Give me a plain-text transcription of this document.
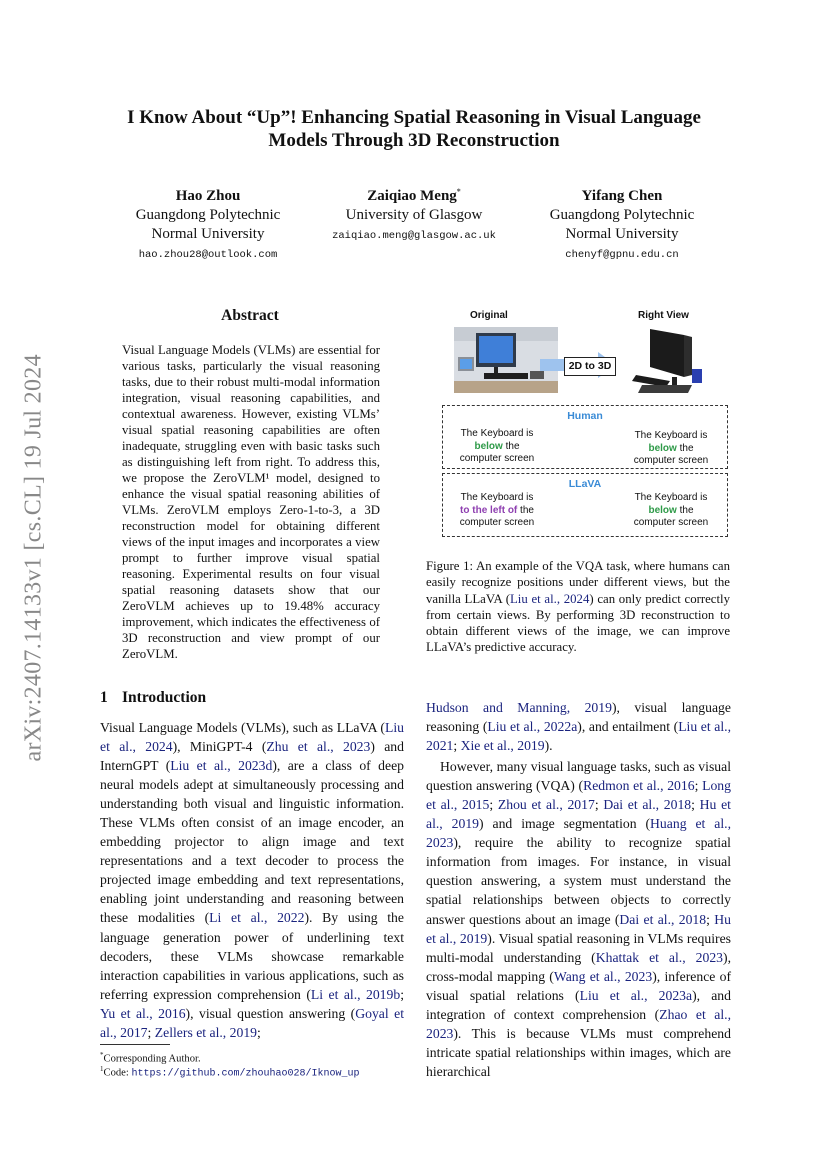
arXiv:2407.14133v1 [cs.CL] 19 Jul 2024
I Know About “Up”! Enhancing Spatial Reasoning in Visual Language
Models Through 3D Reconstruction
Hao Zhou
Guangdong Polytechnic
Normal University
hao.zhou28@outlook.com
Zaiqiao Meng*
University of Glasgow
zaiqiao.meng@glasgow.ac.uk
Yifang Chen
Guangdong Polytechnic
Normal University
chenyf@gpnu.edu.cn
Abstract
Visual Language Models (VLMs) are essential for various tasks, particularly the visual reasoning tasks, due to their robust multi-modal information integration, visual reasoning capabilities, and contextual awareness. However, existing VLMs’ visual spatial reasoning capabilities are often inadequate, struggling even with basic tasks such as distinguishing left from right. To address this, we propose the ZeroVLM¹ model, designed to enhance the visual spatial reasoning abilities of VLMs. ZeroVLM employs Zero-1-to-3, a 3D reconstruction model for obtaining different views of the input images and incorporates a view prompt to further improve visual spatial reasoning. Experimental results on four visual spatial reasoning datasets show that our ZeroVLM achieves up to 19.48% accuracy improvement, which indicates the effectiveness of 3D reconstruction and view prompt of our ZeroVLM.
1 Introduction
Visual Language Models (VLMs), such as LLaVA (Liu et al., 2024), MiniGPT-4 (Zhu et al., 2023) and InternGPT (Liu et al., 2023d), are a class of deep neural models adept at simultaneously processing and understanding both visual and linguistic information. These VLMs often consist of an image encoder, an embedding projector to align image and text representations and a text decoder to process the projected image embedding and text representations, enabling joint understanding and reasoning between these modalities (Li et al., 2022). By using the language generation power of underlining text decoders, these VLMs showcase remarkable interaction capabilities in various applications, such as referring expression comprehension (Li et al., 2019b; Yu et al., 2016), visual question answering (Goyal et al., 2017; Zellers et al., 2019;

Hudson and Manning, 2019), visual language reasoning (Liu et al., 2022a), and entailment (Liu et al., 2021; Xie et al., 2019).

However, many visual language tasks, such as visual question answering (VQA) (Redmon et al., 2016; Long et al., 2015; Zhou et al., 2017; Dai et al., 2018; Hu et al., 2019) and image segmentation (Huang et al., 2023), require the ability to recognize spatial information from images. For instance, in visual question answering, a system must understand the spatial relationships between objects to correctly answer questions about an image (Dai et al., 2018; Hu et al., 2019). Visual spatial reasoning in VLMs requires multi-modal understanding (Khattak et al., 2023), cross-modal mapping (Wang et al., 2023), inference of visual spatial relations (Liu et al., 2023a), and integration of context comprehension (Zhao et al., 2023). This is because VLMs must comprehend intricate spatial relationships within images, which are hierarchical

*Corresponding Author.
$^1$Code: https://github.com/zhouhao028/Iknow_up
Original	Right View
2D to 3D
Human
The Keyboard is
below the
computer screen
The Keyboard is
below the
computer screen
LLaVA
The Keyboard is
to the left of the
computer screen
The Keyboard is
below the
computer screen
Figure 1: An example of the VQA task, where humans can easily recognize positions under different views, but the vanilla LLaVA (Liu et al., 2024) can only predict correctly from certain views. By performing 3D reconstruction to obtain different views of the image, we can improve LLaVA’s predictive accuracy.
